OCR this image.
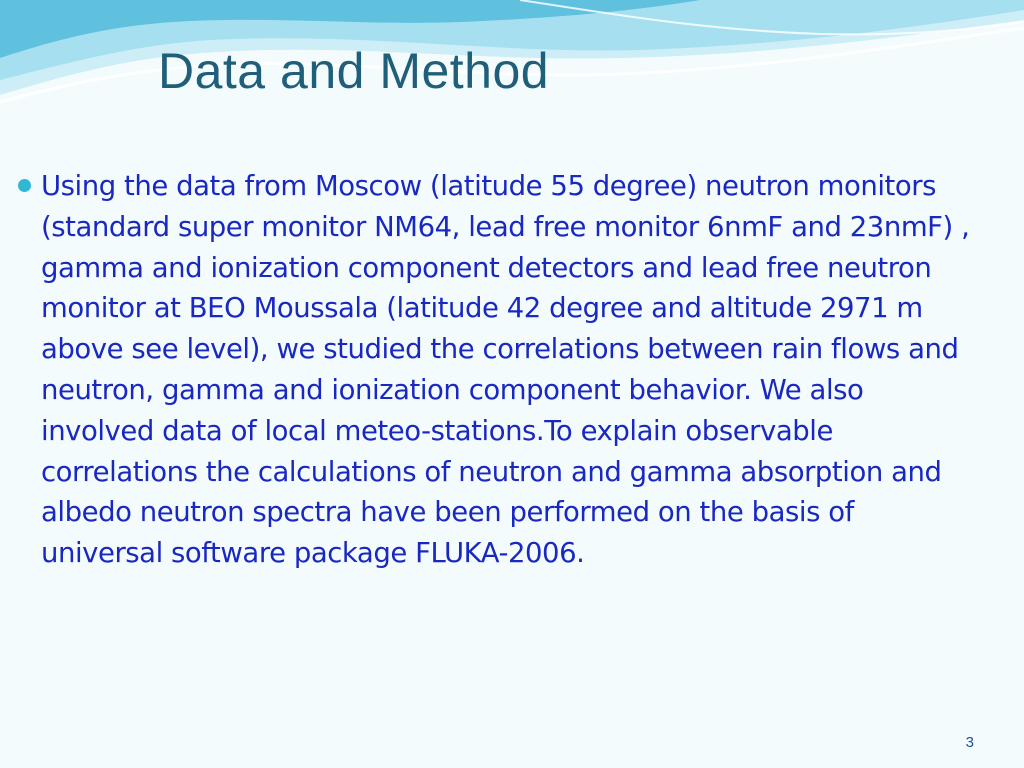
Data and Method

Using the data from Moscow (latitude 55 degree) neutron monitors (standard super monitor NM64, lead free monitor 6nmF and 23nmF) , gamma and ionization component detectors and lead free neutron monitor at BEO Moussala (latitude 42 degree and altitude 2971 m above see level), we studied the correlations between rain flows and neutron, gamma and ionization component behavior. We also involved data of local meteo-stations.To explain observable correlations the calculations of neutron and gamma absorption and albedo neutron spectra have been performed on the basis of universal software package FLUKA-2006.

3
